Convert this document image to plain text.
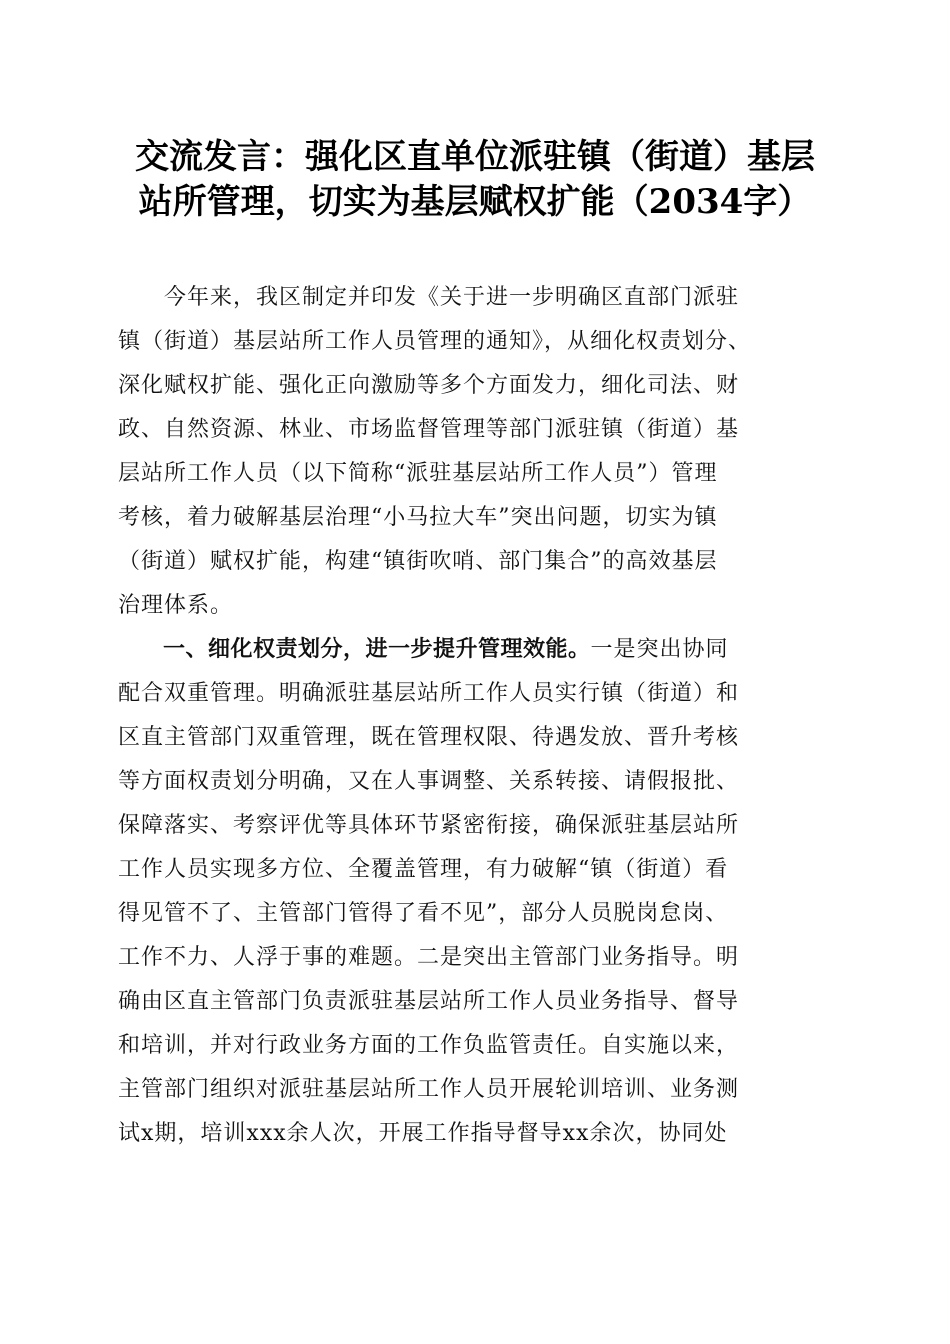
交流发言：强化区直单位派驻镇（街道）基层
站所管理，切实为基层赋权扩能（2034字）
　　今年来，我区制定并印发《关于进一步明确区直部门派驻
镇（街道）基层站所工作人员管理的通知》，从细化权责划分、
深化赋权扩能、强化正向激励等多个方面发力，细化司法、财
政、自然资源、林业、市场监督管理等部门派驻镇（街道）基
层站所工作人员（以下简称“派驻基层站所工作人员”）管理
考核，着力破解基层治理“小马拉大车”突出问题，切实为镇
（街道）赋权扩能，构建“镇街吹哨、部门集合”的高效基层
治理体系。
　　一、细化权责划分，进一步提升管理效能。一是突出协同
配合双重管理。明确派驻基层站所工作人员实行镇（街道）和
区直主管部门双重管理，既在管理权限、待遇发放、晋升考核
等方面权责划分明确，又在人事调整、关系转接、请假报批、
保障落实、考察评优等具体环节紧密衔接，确保派驻基层站所
工作人员实现多方位、全覆盖管理，有力破解“镇（街道）看
得见管不了、主管部门管得了看不见”，部分人员脱岗怠岗、
工作不力、人浮于事的难题。二是突出主管部门业务指导。明
确由区直主管部门负责派驻基层站所工作人员业务指导、督导
和培训，并对行政业务方面的工作负监管责任。自实施以来，
主管部门组织对派驻基层站所工作人员开展轮训培训、业务测
试x期，培训xxx余人次，开展工作指导督导xx余次，协同处
